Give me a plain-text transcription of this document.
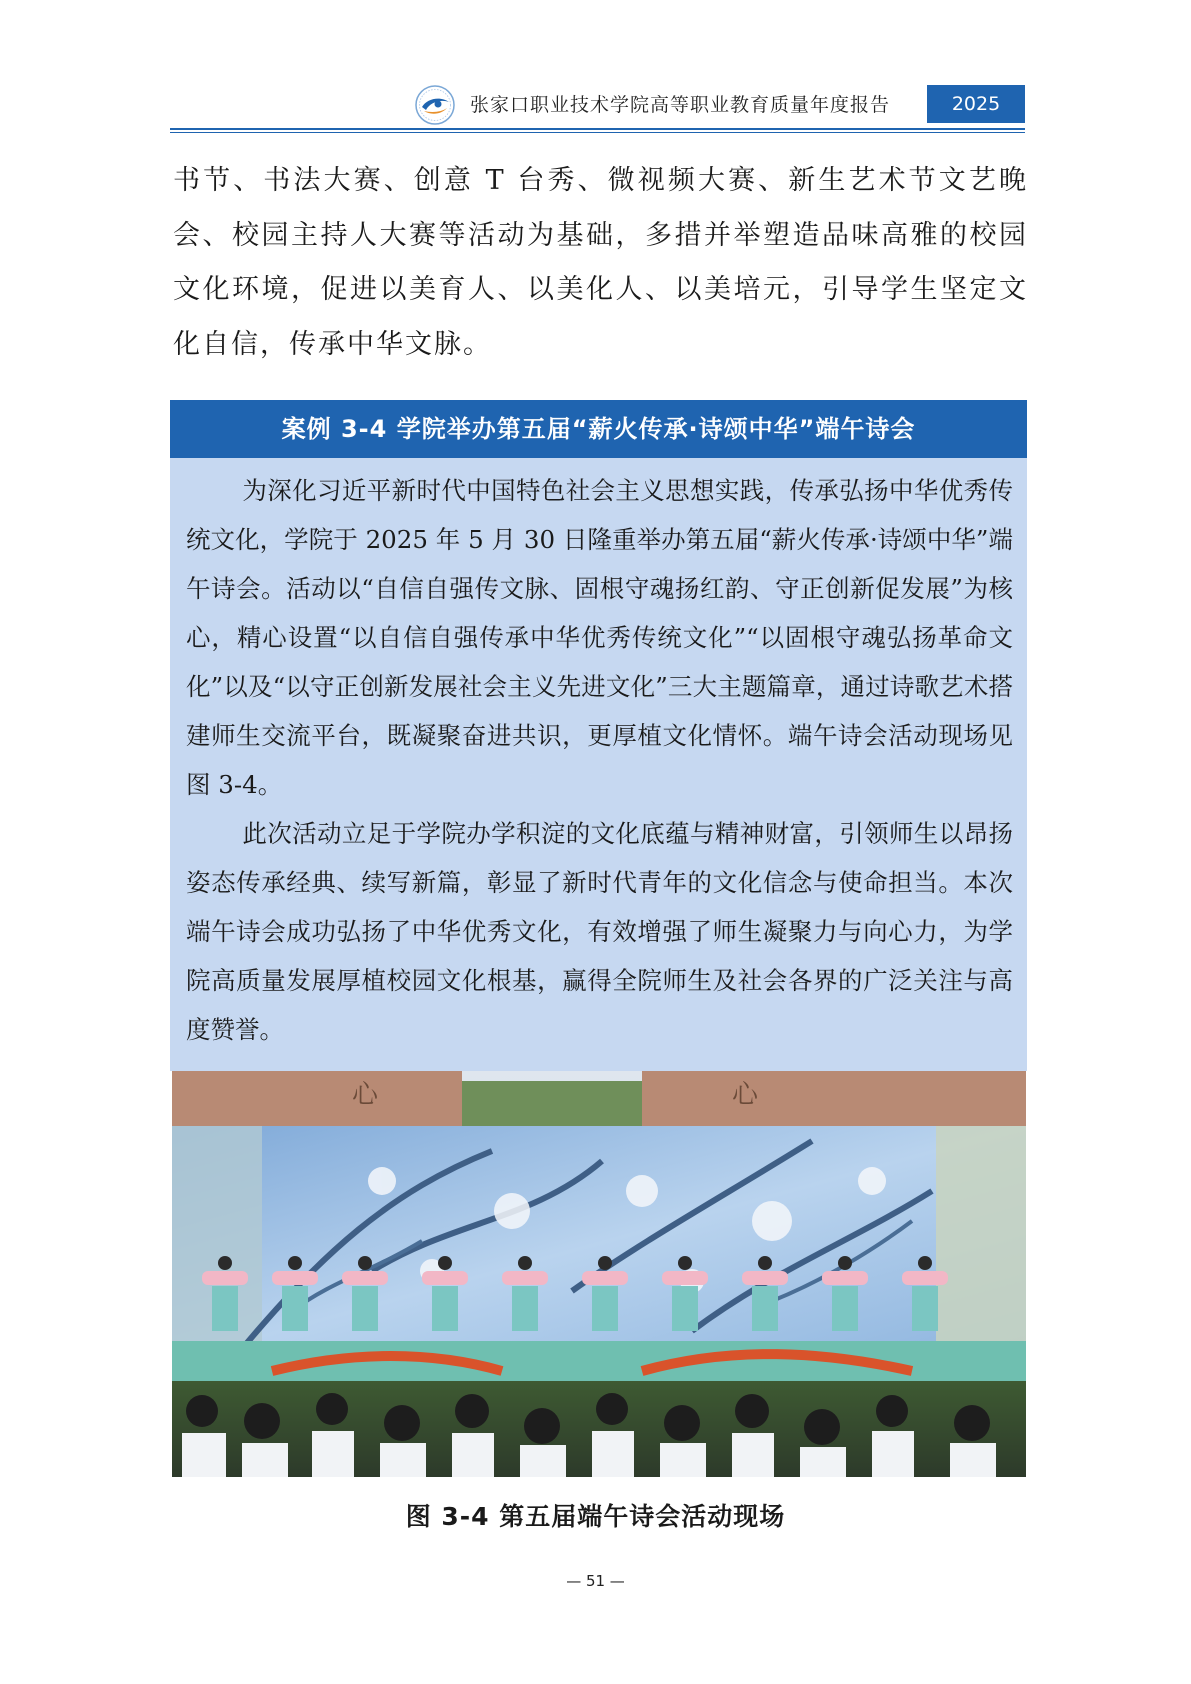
张家口职业技术学院高等职业教育质量年度报告	2025

书节、书法大赛、创意 T 台秀、微视频大赛、新生艺术节文艺晚会、校园主持人大赛等活动为基础，多措并举塑造品味高雅的校园文化环境，促进以美育人、以美化人、以美培元，引导学生坚定文化自信，传承中华文脉。

案例 3-4 学院举办第五届“薪火传承·诗颂中华”端午诗会

为深化习近平新时代中国特色社会主义思想实践，传承弘扬中华优秀传统文化，学院于 2025 年 5 月 30 日隆重举办第五届“薪火传承·诗颂中华”端午诗会。活动以“自信自强传文脉、固根守魂扬红韵、守正创新促发展”为核心，精心设置“以自信自强传承中华优秀传统文化”“以固根守魂弘扬革命文化”以及“以守正创新发展社会主义先进文化”三大主题篇章，通过诗歌艺术搭建师生交流平台，既凝聚奋进共识，更厚植文化情怀。端午诗会活动现场见图 3-4。

此次活动立足于学院办学积淀的文化底蕴与精神财富，引领师生以昂扬姿态传承经典、续写新篇，彰显了新时代青年的文化信念与使命担当。本次端午诗会成功弘扬了中华优秀文化，有效增强了师生凝聚力与向心力，为学院高质量发展厚植校园文化根基，赢得全院师生及社会各界的广泛关注与高度赞誉。

心	心
图 3-4 第五届端午诗会活动现场
— 51 —
